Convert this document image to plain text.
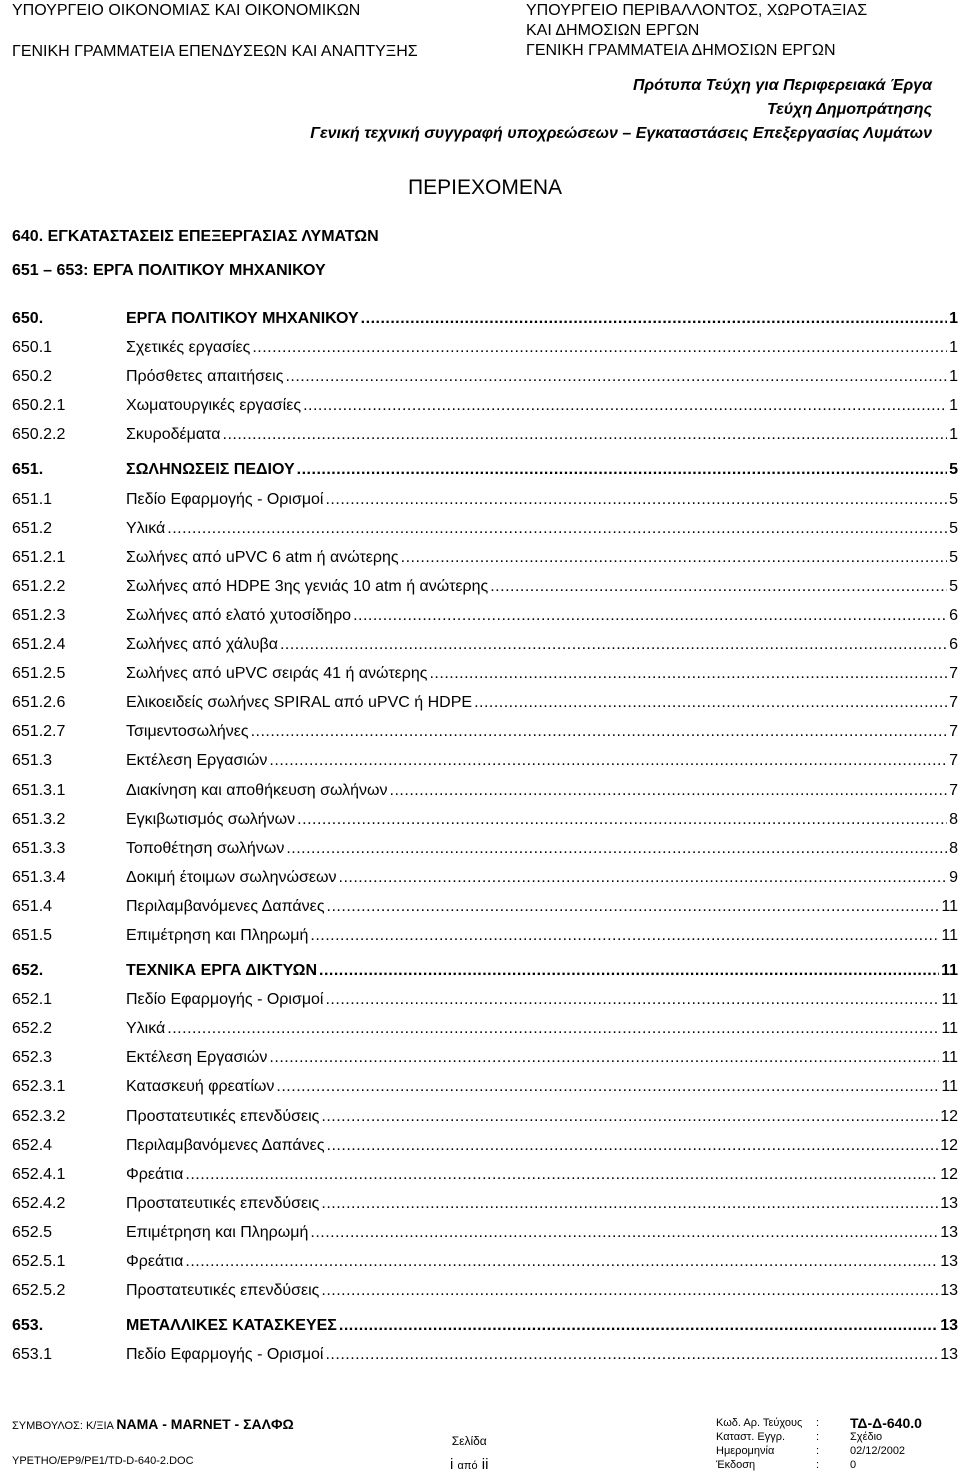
ΥΠΟΥΡΓΕΙΟ ΟΙΚΟΝΟΜΙΑΣ ΚΑΙ ΟΙΚΟΝΟΜΙΚΩΝ
ΓΕΝΙΚΗ ΓΡΑΜΜΑΤΕΙΑ ΕΠΕΝΔΥΣΕΩΝ ΚΑΙ ΑΝΑΠΤΥΞΗΣ
ΥΠΟΥΡΓΕΙΟ ΠΕΡΙΒΑΛΛΟΝΤΟΣ, ΧΩΡΟΤΑΞΙΑΣ
ΚΑΙ ΔΗΜΟΣΙΩΝ ΕΡΓΩΝ
ΓΕΝΙΚΗ ΓΡΑΜΜΑΤΕΙΑ ΔΗΜΟΣΙΩΝ ΕΡΓΩΝ
Πρότυπα Τεύχη για Περιφερειακά Έργα
Τεύχη Δημοπράτησης
Γενική τεχνική συγγραφή υποχρεώσεων – Εγκαταστάσεις Επεξεργασίας Λυμάτων
ΠΕΡΙΕΧΟΜΕΝΑ
640. ΕΓΚΑΤΑΣΤΑΣΕΙΣ ΕΠΕΞΕΡΓΑΣΙΑΣ ΛΥΜΑΤΩΝ
651 – 653: ΕΡΓΑ ΠΟΛΙΤΙΚΟΥ ΜΗΧΑΝΙΚΟΥ
650.	ΕΡΓΑ ΠΟΛΙΤΙΚΟΥ ΜΗΧΑΝΙΚΟΥ .....	1
650.1	Σχετικές εργασίες .....	1
650.2	Πρόσθετες απαιτήσεις .....	1
650.2.1	Χωματουργικές εργασίες .....	1
650.2.2	Σκυροδέματα .....	1
651.	ΣΩΛΗΝΩΣΕΙΣ ΠΕΔΙΟΥ .....	5
651.1	Πεδίο Εφαρμογής - Ορισμοί .....	5
651.2	Υλικά .....	5
651.2.1	Σωλήνες από uPVC 6 atm ή ανώτερης .....	5
651.2.2	Σωλήνες από HDPE 3ης γενιάς 10 atm ή ανώτερης .....	5
651.2.3	Σωλήνες από ελατό χυτοσίδηρο .....	6
651.2.4	Σωλήνες από χάλυβα .....	6
651.2.5	Σωλήνες από uPVC σειράς 41 ή ανώτερης .....	7
651.2.6	Ελικοειδείς σωλήνες SPIRAL από uPVC ή HDPE .....	7
651.2.7	Τσιμεντοσωλήνες .....	7
651.3	Εκτέλεση Εργασιών .....	7
651.3.1	Διακίνηση και αποθήκευση σωλήνων .....	7
651.3.2	Εγκιβωτισμός σωλήνων .....	8
651.3.3	Τοποθέτηση σωλήνων .....	8
651.3.4	Δοκιμή έτοιμων σωληνώσεων .....	9
651.4	Περιλαμβανόμενες Δαπάνες .....	11
651.5	Επιμέτρηση και Πληρωμή .....	11
652.	ΤΕΧΝΙΚΑ ΕΡΓΑ ΔΙΚΤΥΩΝ .....	11
652.1	Πεδίο Εφαρμογής - Ορισμοί .....	11
652.2	Υλικά .....	11
652.3	Εκτέλεση Εργασιών .....	11
652.3.1	Κατασκευή φρεατίων .....	11
652.3.2	Προστατευτικές επενδύσεις .....	12
652.4	Περιλαμβανόμενες Δαπάνες .....	12
652.4.1	Φρεάτια .....	12
652.4.2	Προστατευτικές επενδύσεις .....	13
652.5	Επιμέτρηση και Πληρωμή .....	13
652.5.1	Φρεάτια .....	13
652.5.2	Προστατευτικές επενδύσεις .....	13
653.	ΜΕΤΑΛΛΙΚΕΣ ΚΑΤΑΣΚΕΥΕΣ .....	13
653.1	Πεδίο Εφαρμογής - Ορισμοί .....	13
ΣΥΜΒΟΥΛΟΣ: Κ/ΞΙΑ ΝΑΜΑ - ΜΑRΝΕΤ - ΣΑΛΦΩ
YPETHO/EP9/PE1/TD-D-640-2.DOC
Σελίδα
i από ii
Κωδ. Αρ. Τεύχους	:	ΤΔ-Δ-640.0
Καταστ. Εγγρ.	:	Σχέδιο
Ημερομηνία	:	02/12/2002
Έκδοση	:	0
